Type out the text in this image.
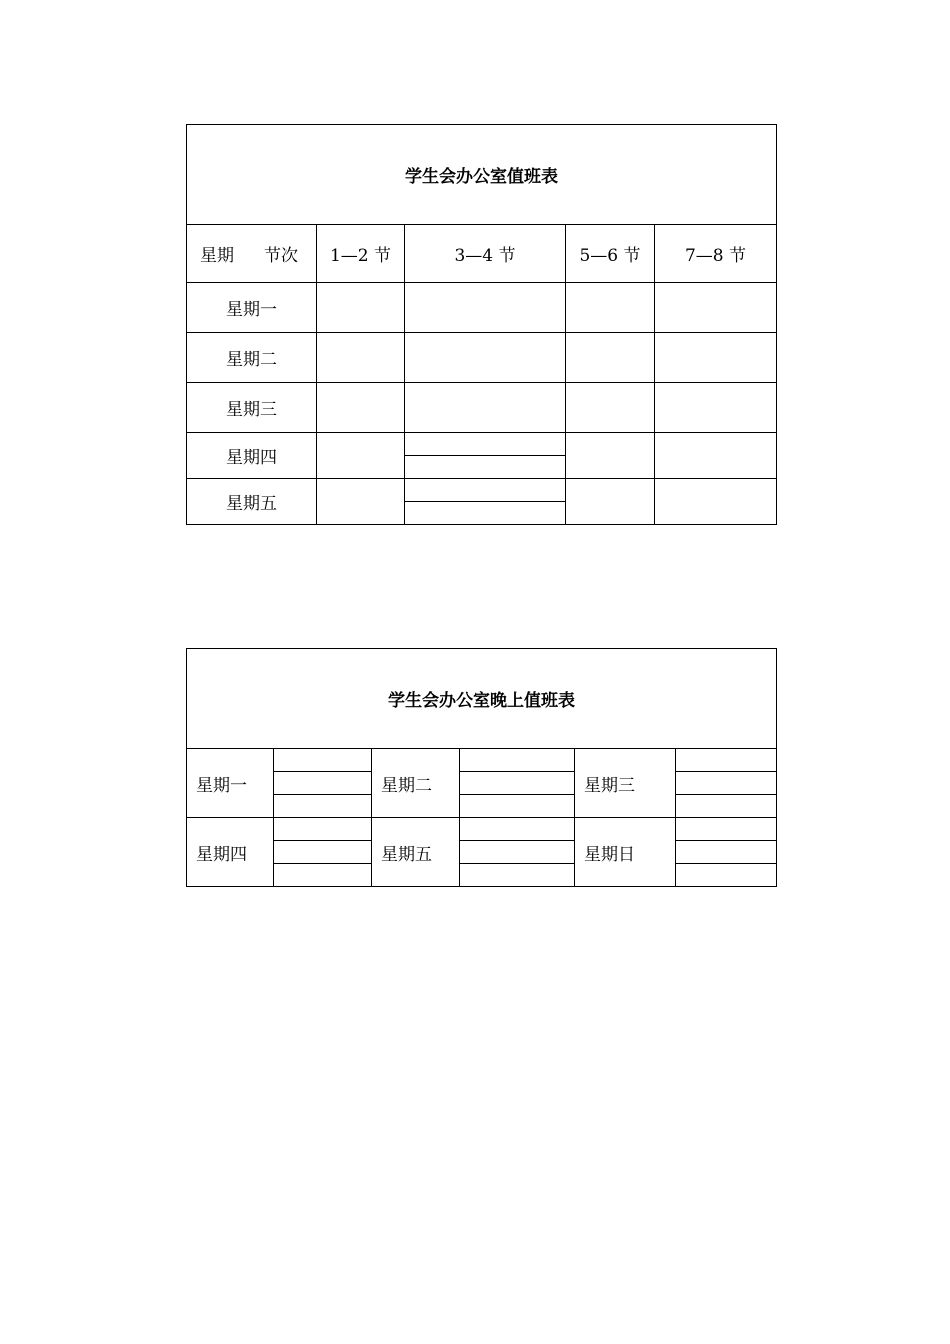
学生会办公室值班表				
星期 节次	1—2 节	3—4 节	5—6 节	7—8 节
星期一				
星期二				
星期三				
星期四		

星期五		

学生会办公室晚上值班表					
星期一		星期二		星期三	

星期四		星期五		星期日	
